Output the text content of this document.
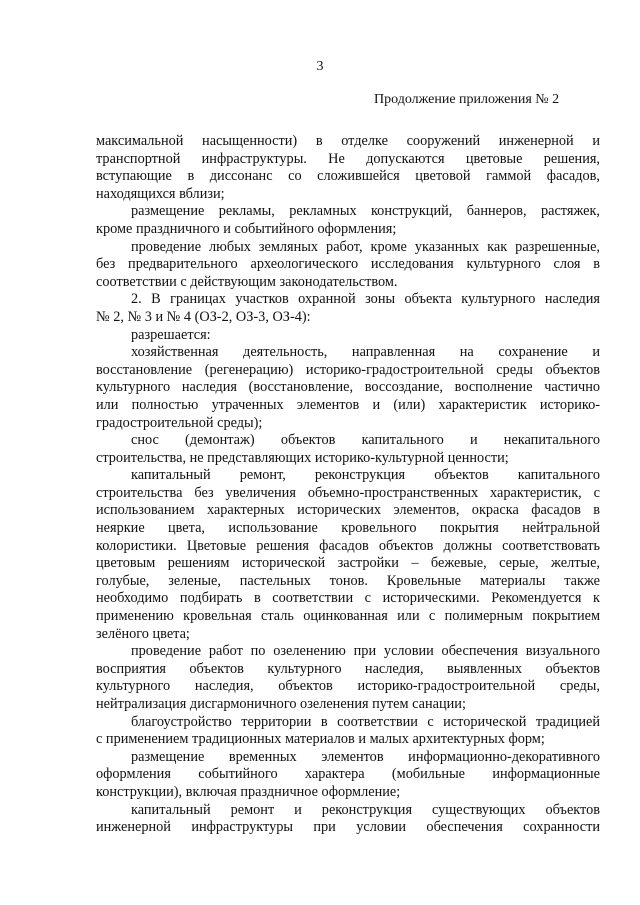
3
Продолжение приложения № 2
максимальной насыщенности) в отделке сооружений инженерной и
транспортной инфраструктуры. Не допускаются цветовые решения,
вступающие в диссонанс со сложившейся цветовой гаммой фасадов,
находящихся вблизи;
размещение рекламы, рекламных конструкций, баннеров, растяжек,
кроме праздничного и событийного оформления;
проведение любых земляных работ, кроме указанных как разрешенные,
без предварительного археологического исследования культурного слоя в
соответствии с действующим законодательством.
2. В границах участков охранной зоны объекта культурного наследия
№ 2, № 3 и № 4 (ОЗ-2, ОЗ-3, ОЗ-4):
разрешается:
хозяйственная деятельность, направленная на сохранение и
восстановление (регенерацию) историко-градостроительной среды объектов
культурного наследия (восстановление, воссоздание, восполнение частично
или полностью утраченных элементов и (или) характеристик историко-
градостроительной среды);
снос (демонтаж) объектов капитального и некапитального
строительства, не представляющих историко-культурной ценности;
капитальный ремонт, реконструкция объектов капитального
строительства без увеличения объемно-пространственных характеристик, с
использованием характерных исторических элементов, окраска фасадов в
неяркие цвета, использование кровельного покрытия нейтральной
колористики. Цветовые решения фасадов объектов должны соответствовать
цветовым решениям исторической застройки – бежевые, серые, желтые,
голубые, зеленые, пастельных тонов. Кровельные материалы также
необходимо подбирать в соответствии с историческими. Рекомендуется к
применению кровельная сталь оцинкованная или с полимерным покрытием
зелёного цвета;
проведение работ по озеленению при условии обеспечения визуального
восприятия объектов культурного наследия, выявленных объектов
культурного наследия, объектов историко-градостроительной среды,
нейтрализация дисгармоничного озеленения путем санации;
благоустройство территории в соответствии с исторической традицией
с применением традиционных материалов и малых архитектурных форм;
размещение временных элементов информационно-декоративного
оформления событийного характера (мобильные информационные
конструкции), включая праздничное оформление;
капитальный ремонт и реконструкция существующих объектов
инженерной инфраструктуры при условии обеспечения сохранности
